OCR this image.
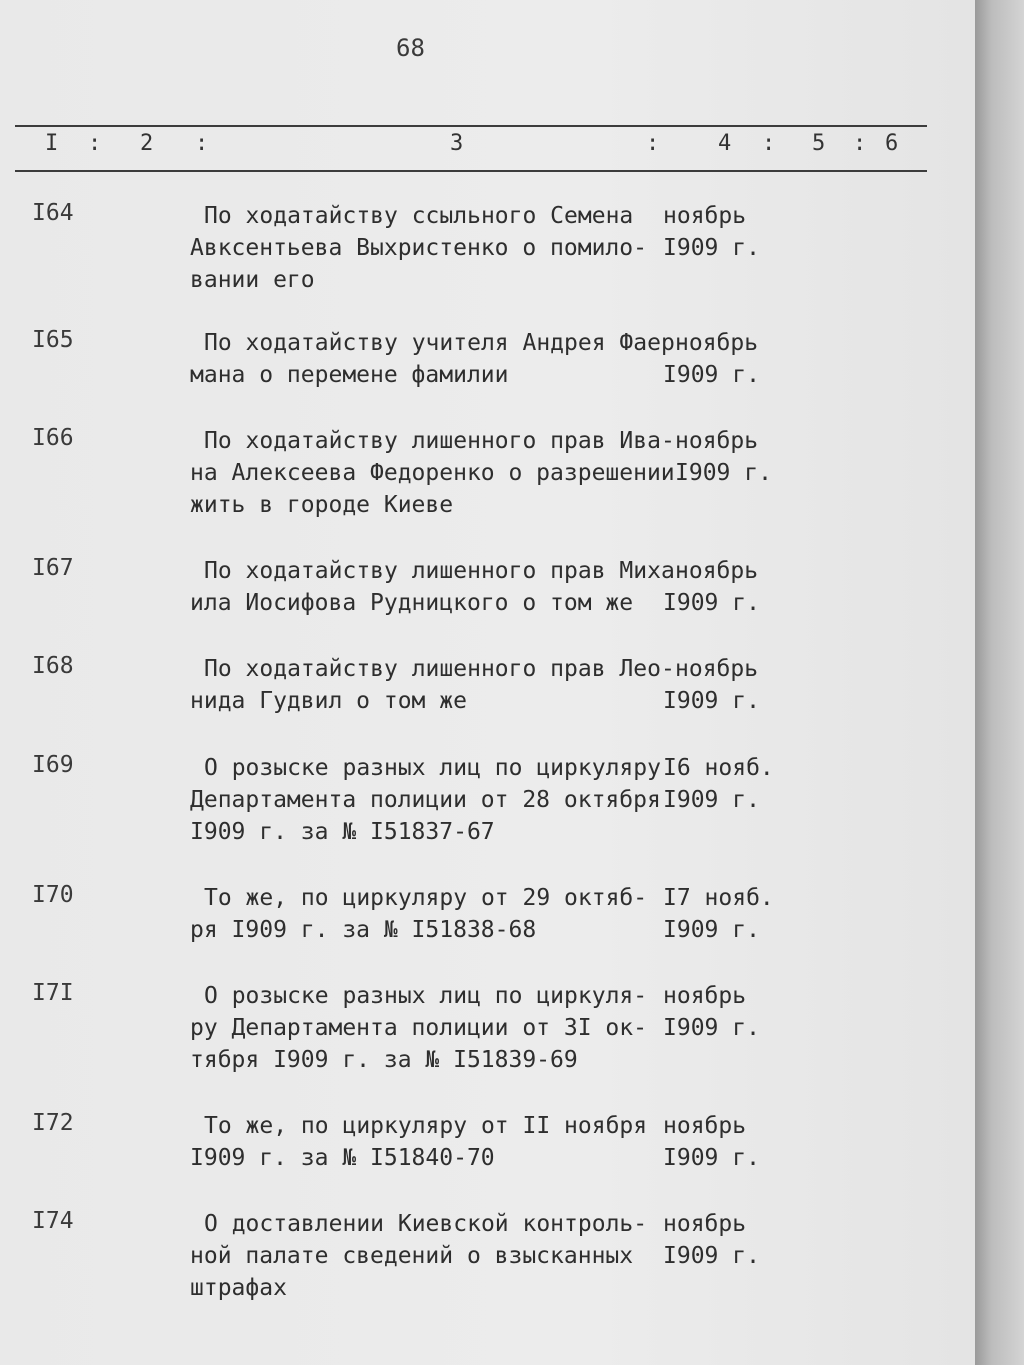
68
I : 2 :	3	:	4 : 5 : 6
I64	По ходатайству ссыльного Семена
Авксентьева Выхристенко о помило-
вании его
ноябрь
I909 г.
I65	По ходатайству учителя Андрея Фаер-
мана о перемене фамилии
ноябрь
I909 г.
I66	По ходатайству лишенного прав Ива-
на Алексеева Федоренко о разрешении
жить в городе Киеве
ноябрь
I909 г.
I67	По ходатайству лишенного прав Миха-
ила Иосифова Рудницкого о том же
ноябрь
I909 г.
I68	По ходатайству лишенного прав Лео-
нида Гудвил о том же
ноябрь
I909 г.
I69	О розыске разных лиц по циркуляру
Департамента полиции от 28 октября
I909 г. за № I51837-67
I6 нояб.
I909 г.
I70	То же, по циркуляру от 29 октяб-
ря I909 г. за № I51838-68
I7 нояб.
I909 г.
I7I	О розыске разных лиц по циркуля-
ру Департамента полиции от 3I ок-
тября I909 г. за № I51839-69
ноябрь
I909 г.
I72	То же, по циркуляру от II ноября
I909 г. за № I51840-70
ноябрь
I909 г.
I74	О доставлении Киевской контроль-
ной палате сведений о взысканных
штрафах
ноябрь
I909 г.
